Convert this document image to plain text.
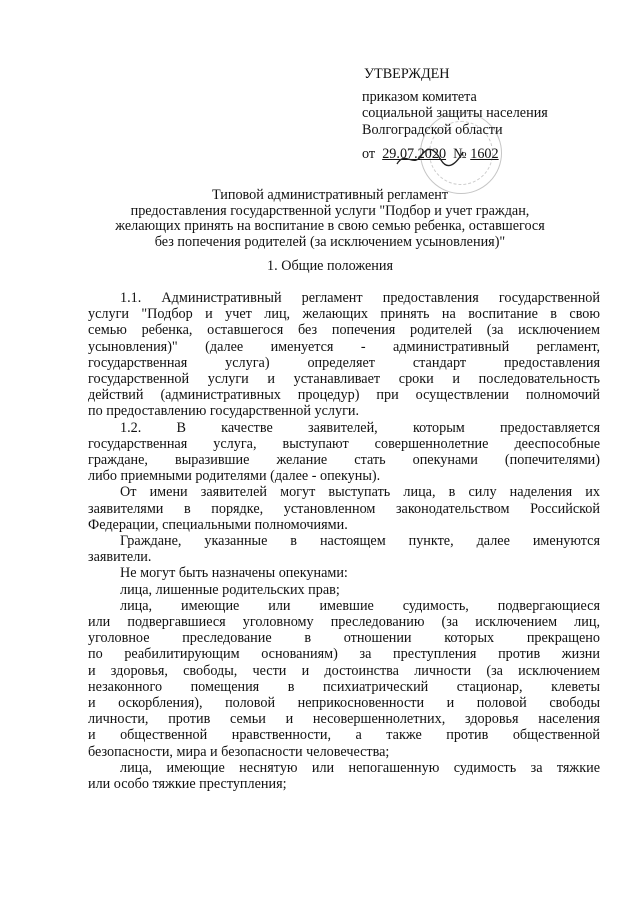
УТВЕРЖДЕН
приказом комитета
социальной защиты населения
Волгоградской области
от 29.07.2020 № 1602
Типовой административный регламент
предоставления государственной услуги "Подбор и учет граждан,
желающих принять на воспитание в свою семью ребенка, оставшегося
без попечения родителей (за исключением усыновления)"
1. Общие положения

1.1. Административный регламент предоставления государственной
услуги "Подбор и учет лиц, желающих принять на воспитание в свою
семью ребенка, оставшегося без попечения родителей (за исключением
усыновления)" (далее именуется - административный регламент,
государственная услуга) определяет стандарт предоставления
государственной услуги и устанавливает сроки и последовательность
действий (административных процедур) при осуществлении полномочий
по предоставлению государственной услуги.

1.2. В качестве заявителей, которым предоставляется
государственная услуга, выступают совершеннолетние дееспособные
граждане, выразившие желание стать опекунами (попечителями)
либо приемными родителями (далее - опекуны).

От имени заявителей могут выступать лица, в силу наделения их
заявителями в порядке, установленном законодательством Российской
Федерации, специальными полномочиями.

Граждане, указанные в настоящем пункте, далее именуются
заявители.

Не могут быть назначены опекунами:

лица, лишенные родительских прав;

лица, имеющие или имевшие судимость, подвергающиеся
или подвергавшиеся уголовному преследованию (за исключением лиц,
уголовное преследование в отношении которых прекращено
по реабилитирующим основаниям) за преступления против жизни
и здоровья, свободы, чести и достоинства личности (за исключением
незаконного помещения в психиатрический стационар, клеветы
и оскорбления), половой неприкосновенности и половой свободы
личности, против семьи и несовершеннолетних, здоровья населения
и общественной нравственности, а также против общественной
безопасности, мира и безопасности человечества;

лица, имеющие неснятую или непогашенную судимость за тяжкие
или особо тяжкие преступления;
